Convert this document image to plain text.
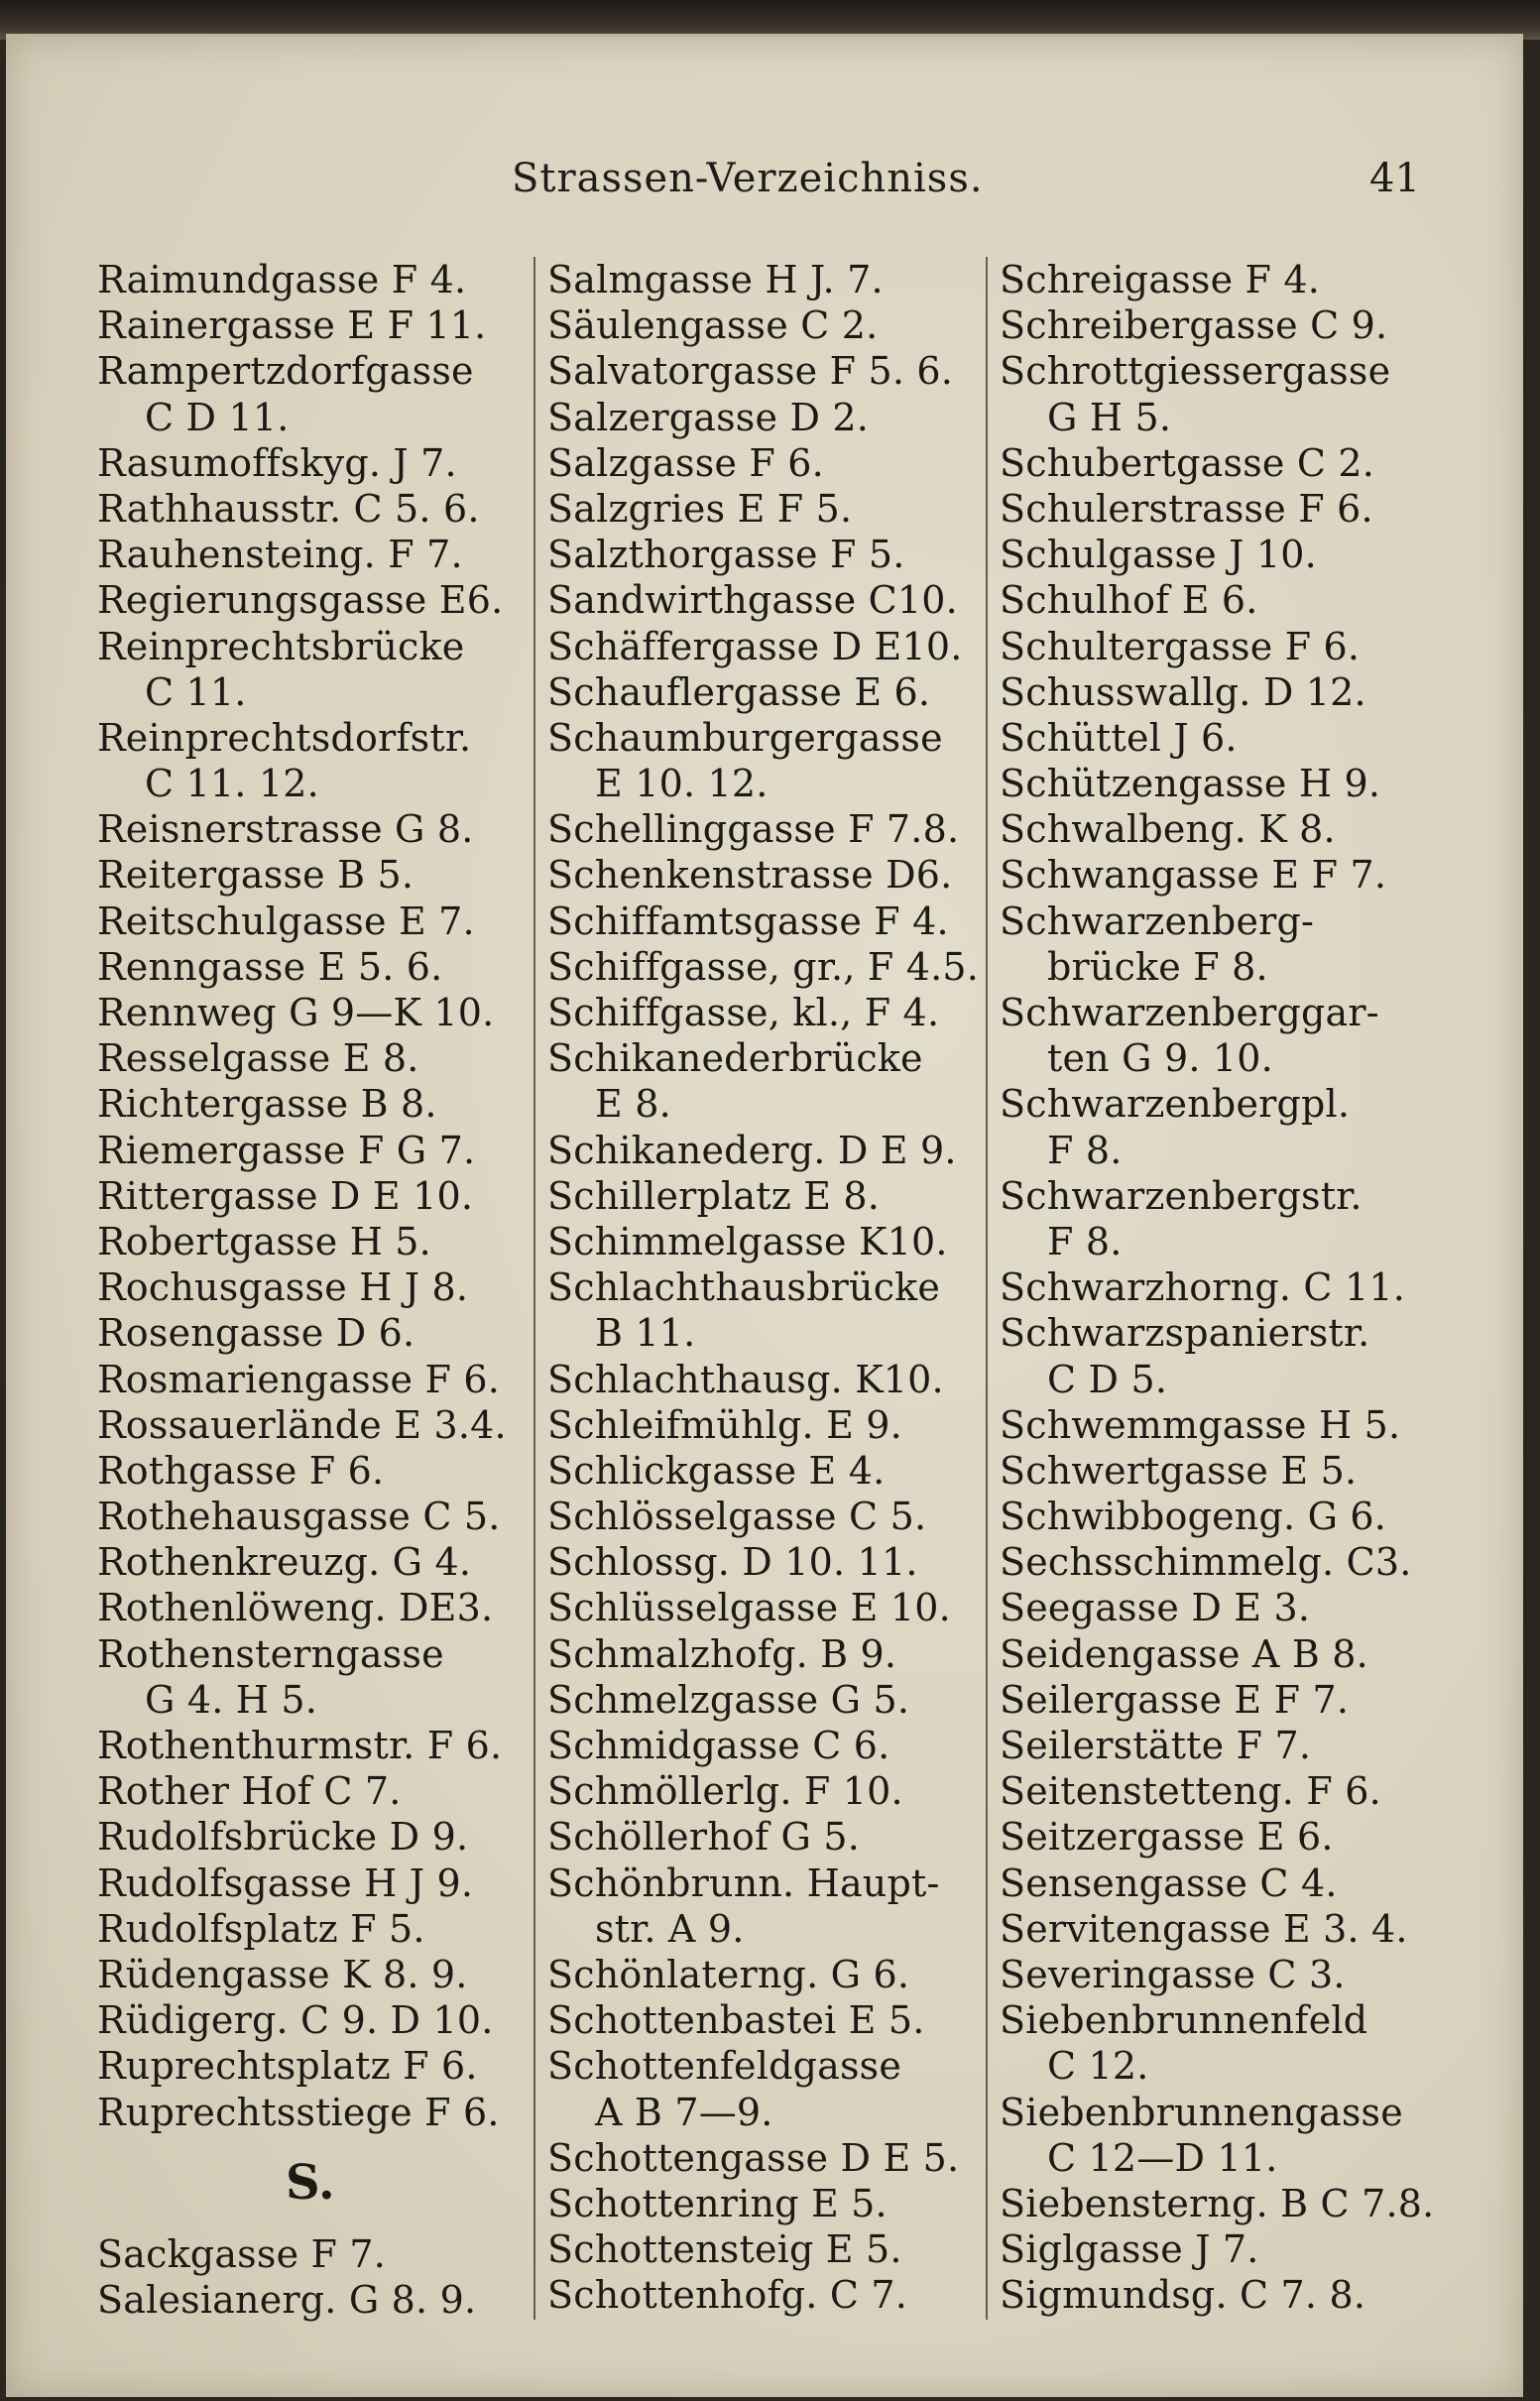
Strassen-Verzeichniss.	41
Raimundgasse F 4.
Rainergasse E F 11.
Rampertzdorfgasse
C D 11.
Rasumoffskyg. J 7.
Rathhausstr. C 5. 6.
Rauhensteing. F 7.
Regierungsgasse E6.
Reinprechtsbrücke
C 11.
Reinprechtsdorfstr.
C 11. 12.
Reisnerstrasse G 8.
Reitergasse B 5.
Reitschulgasse E 7.
Renngasse E 5. 6.
Rennweg G 9—K 10.
Resselgasse E 8.
Richtergasse B 8.
Riemergasse F G 7.
Rittergasse D E 10.
Robertgasse H 5.
Rochusgasse H J 8.
Rosengasse D 6.
Rosmariengasse F 6.
Rossauerlände E 3.4.
Rothgasse F 6.
Rothehausgasse C 5.
Rothenkreuzg. G 4.
Rothenlöweng. DE3.
Rothensterngasse
G 4. H 5.
Rothenthurmstr. F 6.
Rother Hof C 7.
Rudolfsbrücke D 9.
Rudolfsgasse H J 9.
Rudolfsplatz F 5.
Rüdengasse K 8. 9.
Rüdigerg. C 9. D 10.
Ruprechtsplatz F 6.
Ruprechtsstiege F 6.
S.
Sackgasse F 7.
Salesianerg. G 8. 9.
Salmgasse H J. 7.
Säulengasse C 2.
Salvatorgasse F 5. 6.
Salzergasse D 2.
Salzgasse F 6.
Salzgries E F 5.
Salzthorgasse F 5.
Sandwirthgasse C10.
Schäffergasse D E10.
Schauflergasse E 6.
Schaumburgergasse
E 10. 12.
Schellinggasse F 7.8.
Schenkenstrasse D6.
Schiffamtsgasse F 4.
Schiffgasse, gr., F 4.5.
Schiffgasse, kl., F 4.
Schikanederbrücke
E 8.
Schikanederg. D E 9.
Schillerplatz E 8.
Schimmelgasse K10.
Schlachthausbrücke
B 11.
Schlachthausg. K10.
Schleifmühlg. E 9.
Schlickgasse E 4.
Schlösselgasse C 5.
Schlossg. D 10. 11.
Schlüsselgasse E 10.
Schmalzhofg. B 9.
Schmelzgasse G 5.
Schmidgasse C 6.
Schmöllerlg. F 10.
Schöllerhof G 5.
Schönbrunn. Haupt-
str. A 9.
Schönlaterng. G 6.
Schottenbastei E 5.
Schottenfeldgasse
A B 7—9.
Schottengasse D E 5.
Schottenring E 5.
Schottensteig E 5.
Schottenhofg. C 7.
Schreigasse F 4.
Schreibergasse C 9.
Schrottgiessergasse
G H 5.
Schubertgasse C 2.
Schulerstrasse F 6.
Schulgasse J 10.
Schulhof E 6.
Schultergasse F 6.
Schusswallg. D 12.
Schüttel J 6.
Schützengasse H 9.
Schwalbeng. K 8.
Schwangasse E F 7.
Schwarzenberg-
brücke F 8.
Schwarzenberggar-
ten G 9. 10.
Schwarzenbergpl.
F 8.
Schwarzenbergstr.
F 8.
Schwarzhorng. C 11.
Schwarzspanierstr.
C D 5.
Schwemmgasse H 5.
Schwertgasse E 5.
Schwibbogeng. G 6.
Sechsschimmelg. C3.
Seegasse D E 3.
Seidengasse A B 8.
Seilergasse E F 7.
Seilerstätte F 7.
Seitenstetteng. F 6.
Seitzergasse E 6.
Sensengasse C 4.
Servitengasse E 3. 4.
Severingasse C 3.
Siebenbrunnenfeld
C 12.
Siebenbrunnengasse
C 12—D 11.
Siebensterng. B C 7.8.
Siglgasse J 7.
Sigmundsg. C 7. 8.
